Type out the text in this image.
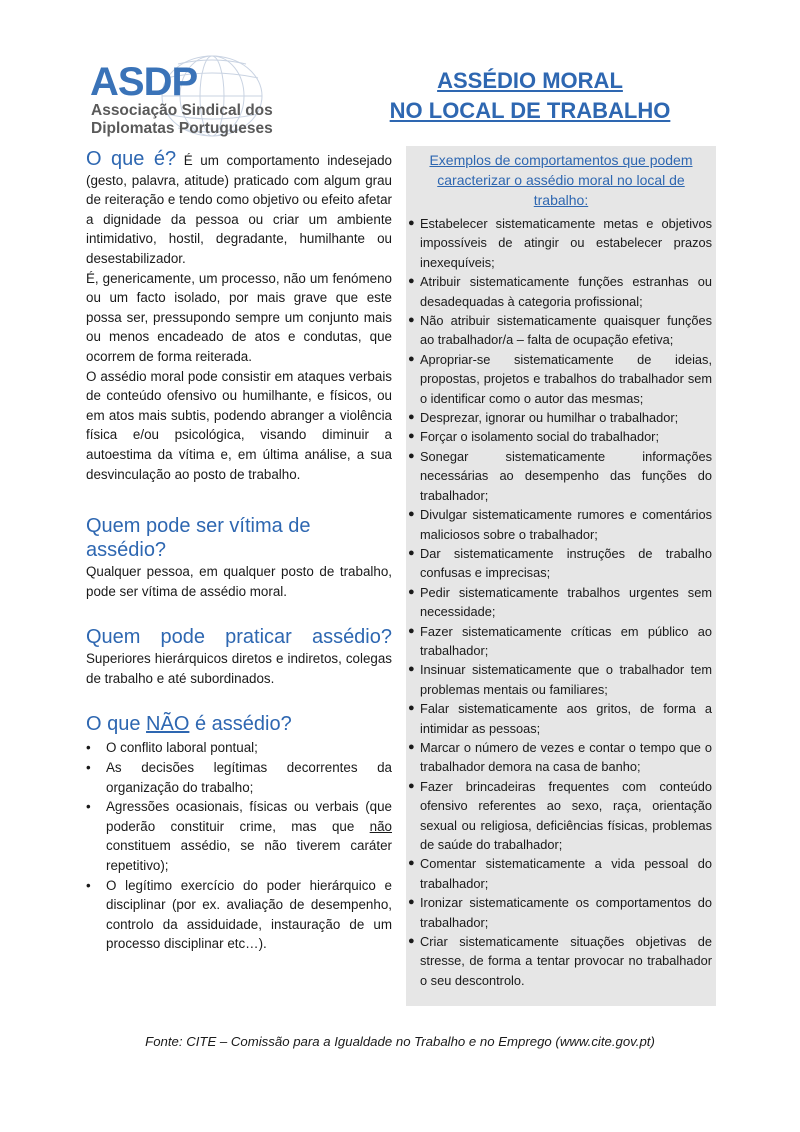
ASDP
Associação Sindical dos
Diplomatas Portugueses
ASSÉDIO MORAL
NO LOCAL DE TRABALHO

O que é? É um comportamento indesejado (gesto, palavra, atitude) praticado com algum grau de reiteração e tendo como objetivo ou efeito afetar a dignidade da pessoa ou criar um ambiente intimidativo, hostil, degradante, humilhante ou desestabilizador.

É, genericamente, um processo, não um fenómeno ou um facto isolado, por mais grave que este possa ser, pressupondo sempre um conjunto mais ou menos encadeado de atos e condutas, que ocorrem de forma reiterada.

O assédio moral pode consistir em ataques verbais de conteúdo ofensivo ou humilhante, e físicos, ou em atos mais subtis, podendo abranger a violência física e/ou psicológica, visando diminuir a autoestima da vítima e, em última análise, a sua desvinculação ao posto de trabalho.

Quem pode ser vítima de assédio?

Qualquer pessoa, em qualquer posto de trabalho, pode ser vítima de assédio moral.

Quem pode praticar assédio?

Superiores hierárquicos diretos e indiretos, colegas de trabalho e até subordinados.

O que NÃO é assédio?
• O conflito laboral pontual;
• As decisões legítimas decorrentes da organização do trabalho;
• Agressões ocasionais, físicas ou verbais (que poderão constituir crime, mas que não constituem assédio, se não tiverem caráter repetitivo);
• O legítimo exercício do poder hierárquico e disciplinar (por ex. avaliação de desempenho, controlo da assiduidade, instauração de um processo disciplinar etc…).
Exemplos de comportamentos que podem caracterizar o assédio moral no local de trabalho:
● Estabelecer sistematicamente metas e objetivos impossíveis de atingir ou estabelecer prazos inexequíveis;
● Atribuir sistematicamente funções estranhas ou desadequadas à categoria profissional;
● Não atribuir sistematicamente quaisquer funções ao trabalhador/a – falta de ocupação efetiva;
● Apropriar-se sistematicamente de ideias, propostas, projetos e trabalhos do trabalhador sem o identificar como o autor das mesmas;
● Desprezar, ignorar ou humilhar o trabalhador;
● Forçar o isolamento social do trabalhador;
● Sonegar sistematicamente informações necessárias ao desempenho das funções do trabalhador;
● Divulgar sistematicamente rumores e comentários maliciosos sobre o trabalhador;
● Dar sistematicamente instruções de trabalho confusas e imprecisas;
● Pedir sistematicamente trabalhos urgentes sem necessidade;
● Fazer sistematicamente críticas em público ao trabalhador;
● Insinuar sistematicamente que o trabalhador tem problemas mentais ou familiares;
● Falar sistematicamente aos gritos, de forma a intimidar as pessoas;
● Marcar o número de vezes e contar o tempo que o trabalhador demora na casa de banho;
● Fazer brincadeiras frequentes com conteúdo ofensivo referentes ao sexo, raça, orientação sexual ou religiosa, deficiências físicas, problemas de saúde do trabalhador;
● Comentar sistematicamente a vida pessoal do trabalhador;
● Ironizar sistematicamente os comportamentos do trabalhador;
● Criar sistematicamente situações objetivas de stresse, de forma a tentar provocar no trabalhador o seu descontrolo.
Fonte: CITE – Comissão para a Igualdade no Trabalho e no Emprego (www.cite.gov.pt)
